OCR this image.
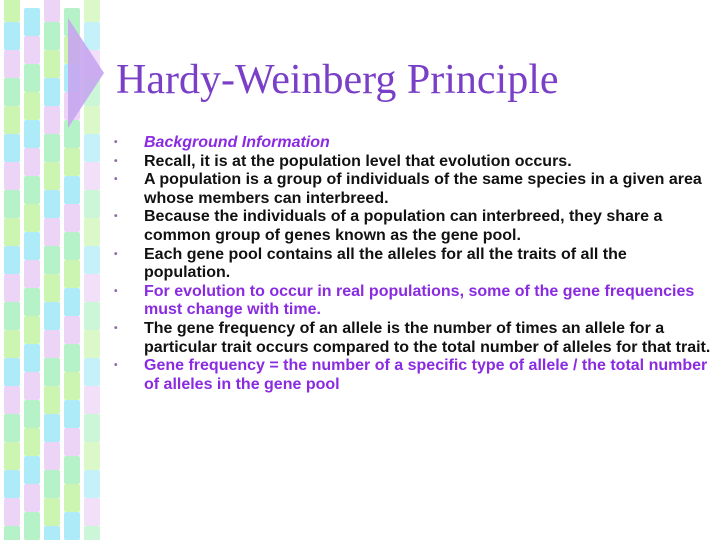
Hardy-Weinberg Principle
• Background Information
• Recall, it is at the population level that evolution occurs.
• A population is a group of individuals of the same species in a given area whose members can interbreed.
• Because the individuals of a population can interbreed, they share a common group of genes known as the gene pool.
• Each gene pool contains all the alleles for all the traits of all the population.
• For evolution to occur in real populations, some of the gene frequencies must change with time.
• The gene frequency of an allele is the number of times an allele for a particular trait occurs compared to the total number of alleles for that trait.
• Gene frequency = the number of a specific type of allele / the total number of alleles in the gene pool
